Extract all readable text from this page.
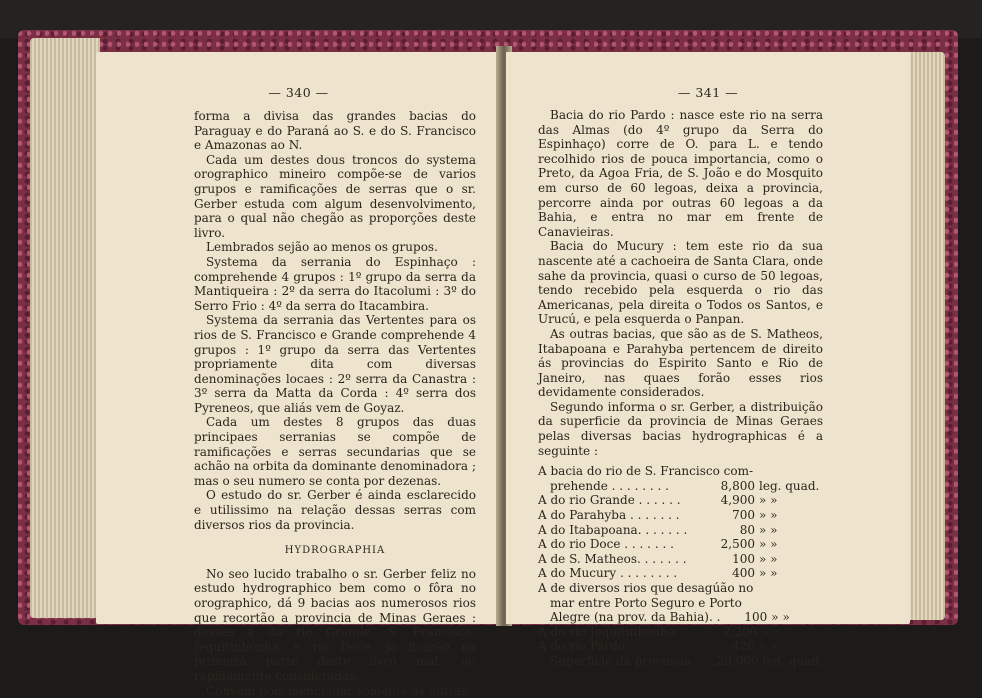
— 340 —

forma a divisa das grandes bacias do Paraguay e do Paraná ao S. e do S. Francisco e Amazonas ao N.

Cada um destes dous troncos do systema orographico mineiro compõe-se de varios grupos e ramificações de serras que o sr. Gerber estuda com algum desenvolvimento, para o qual não chegão as proporções deste livro.

Lembrados sejão ao menos os grupos.

Systema da serrania do Espinhaço : comprehende 4 grupos : 1º grupo da serra da Mantiqueira : 2º da serra do Itacolumi : 3º do Serro Frio : 4º da serra do Itacambira.

Systema da serrania das Vertentes para os rios de S. Francisco e Grande comprehende 4 grupos : 1º grupo da serra das Vertentes propriamente dita com diversas denominações locaes : 2º serra da Canastra : 3º serra da Matta da Corda : 4º serra dos Pyreneos, que aliás vem de Goyaz.

Cada um destes 8 grupos das duas principaes serranias se compõe de ramificações e serras secundarias que se achão na orbita da dominante denominadora ; mas o seu numero se conta por dezenas.

O estudo do sr. Gerber é ainda esclarecido e utilissimo na relação dessas serras com diversos rios da provincia.

HYDROGRAPHIA

No seo lucido trabalho o sr. Gerber feliz no estudo hydrographico bem como o fôra no orographico, dá 9 bacias aos numerosos rios que recortão a provincia de Minas Geraes : dessas a do rio Grande, S. Francisco, Jequitinhonha, e rio Doce, já ficarão na primeira parte deste livro mal, ou rapidamente consideradas.

Convem pois mencionar somente as outras.

— 341 —

Bacia do rio Pardo : nasce este rio na serra das Almas (do 4º grupo da Serra do Espinhaço) corre de O. para L. e tendo recolhido rios de pouca importancia, como o Preto, da Agoa Fria, de S. João e do Mosquito em curso de 60 legoas, deixa a provincia, percorre ainda por outras 60 legoas a da Bahia, e entra no mar em frente de Canavieiras.

Bacia do Mucury : tem este rio da sua nascente até a cachoeira de Santa Clara, onde sahe da provincia, quasi o curso de 50 legoas, tendo recebido pela esquerda o rio das Americanas, pela direita o Todos os Santos, e Urucú, e pela esquerda o Panpan.

As outras bacias, que são as de S. Matheos, Itabapoana e Parahyba pertencem de direito ás provincias do Espirito Santo e Rio de Janeiro, nas quaes forão esses rios devidamente considerados.

Segundo informa o sr. Gerber, a distribuição da superficie da provincia de Minas Geraes pelas diversas bacias hydrographicas é a seguinte :

A bacia do rio de S. Francisco com-
prehende . . . . . . . .	8,800 leg. quad.
A do rio Grande . . . . . .	4,900 » »
A do Parahyba . . . . . . .	700 » »
A do Itabapoana. . . . . . .	80 » »
A do rio Doce . . . . . . .	2,500 » »
A de S. Matheos. . . . . . .	100 » »
A do Mucury . . . . . . . .	400 » »
A de diversos rios que desagúão no
mar entre Porto Seguro e Porto
Alegre (na prov. da Bahia). .	100 » »
A do rio Jequitinhonha. . . .	2,200 » »
A do rio Pardo. . . . . . .	420 » »
Superficie da provincia . . . 20,000 leg. quad.
